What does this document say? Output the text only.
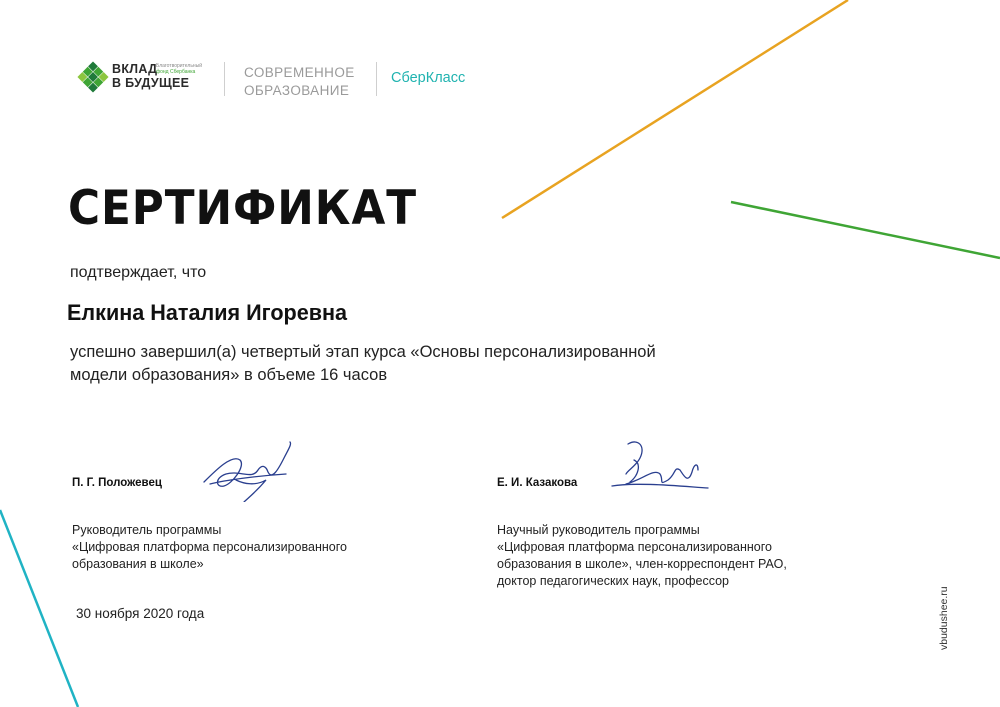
ВКЛАД
Благотворительный
фонд Сбербанка
В БУДУЩЕЕ
СОВРЕМЕННОЕ
ОБРАЗОВАНИЕ
СберКласс
СЕРТИФИКАТ
подтверждает, что
Елкина Наталия Игоревна
успешно завершил(а) четвертый этап курса «Основы персонализированной
модели образования» в объеме 16 часов
П. Г. Положевец
Руководитель программы
«Цифровая платформа персонализированного
образования в школе»
Е. И. Казакова
Научный руководитель программы
«Цифровая платформа персонализированного
образования в школе», член-корреспондент РАО,
доктор педагогических наук, профессор
30 ноября 2020 года	vbudushee.ru
